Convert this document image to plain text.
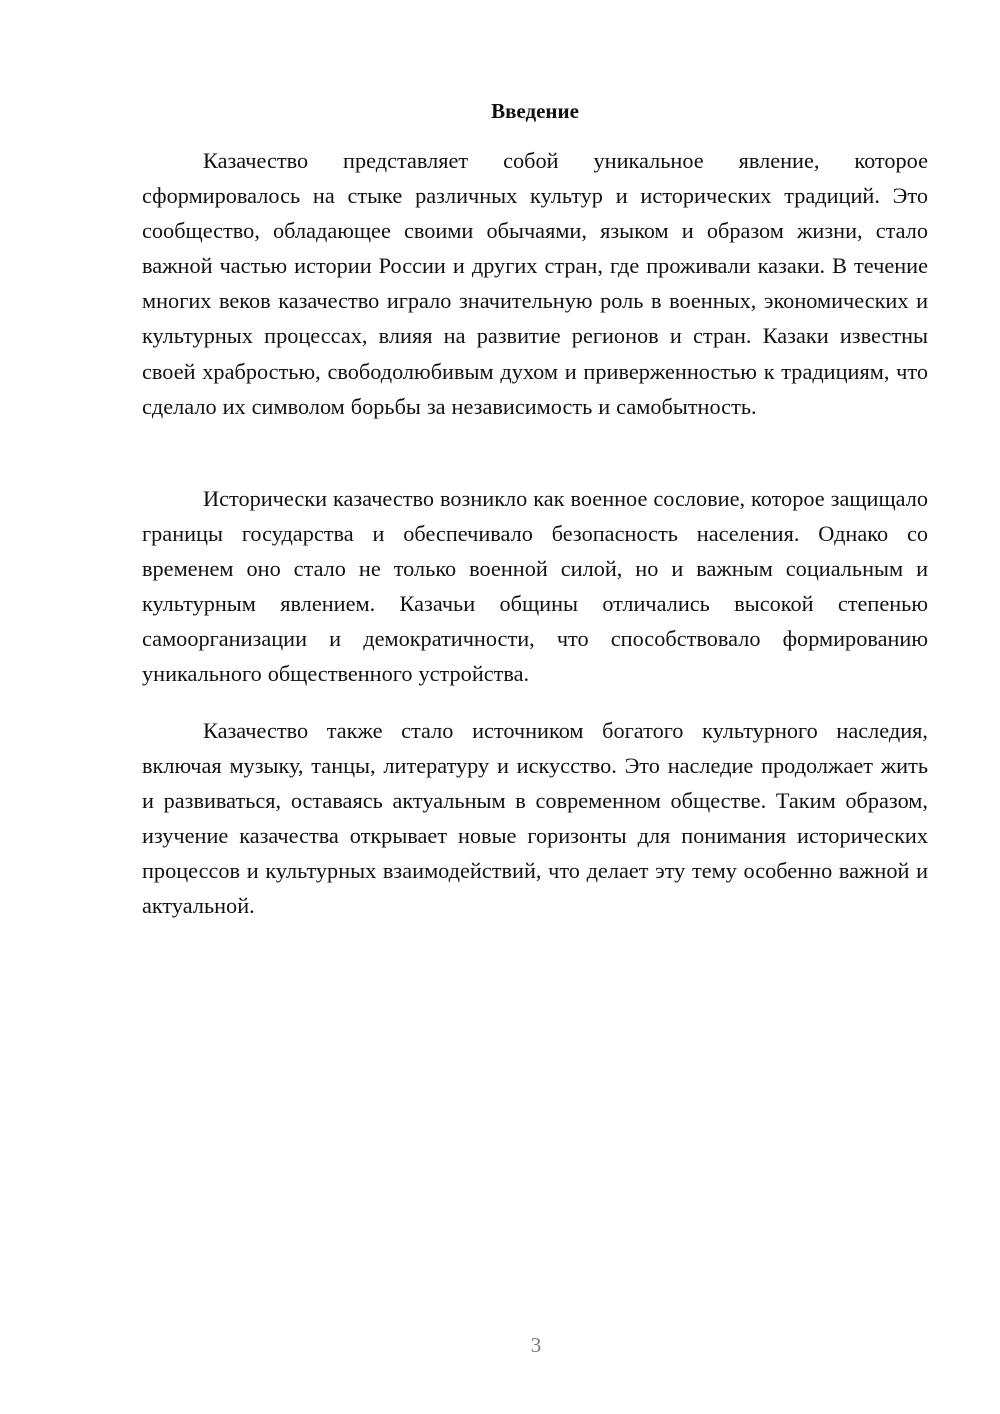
Введение

Казачество представляет собой уникальное явление, которое сформировалось на стыке различных культур и исторических традиций. Это сообщество, обладающее своими обычаями, языком и образом жизни, стало важной частью истории России и других стран, где проживали казаки. В течение многих веков казачество играло значительную роль в военных, экономических и культурных процессах, влияя на развитие регионов и стран. Казаки известны своей храбростью, свободолюбивым духом и приверженностью к традициям, что сделало их символом борьбы за независимость и самобытность.

Исторически казачество возникло как военное сословие, которое защищало границы государства и обеспечивало безопасность населения. Однако со временем оно стало не только военной силой, но и важным социальным и культурным явлением. Казачьи общины отличались высокой степенью самоорганизации и демократичности, что способствовало формированию уникального общественного устройства.

Казачество также стало источником богатого культурного наследия, включая музыку, танцы, литературу и искусство. Это наследие продолжает жить и развиваться, оставаясь актуальным в современном обществе. Таким образом, изучение казачества открывает новые горизонты для понимания исторических процессов и культурных взаимодействий, что делает эту тему особенно важной и актуальной.

3
